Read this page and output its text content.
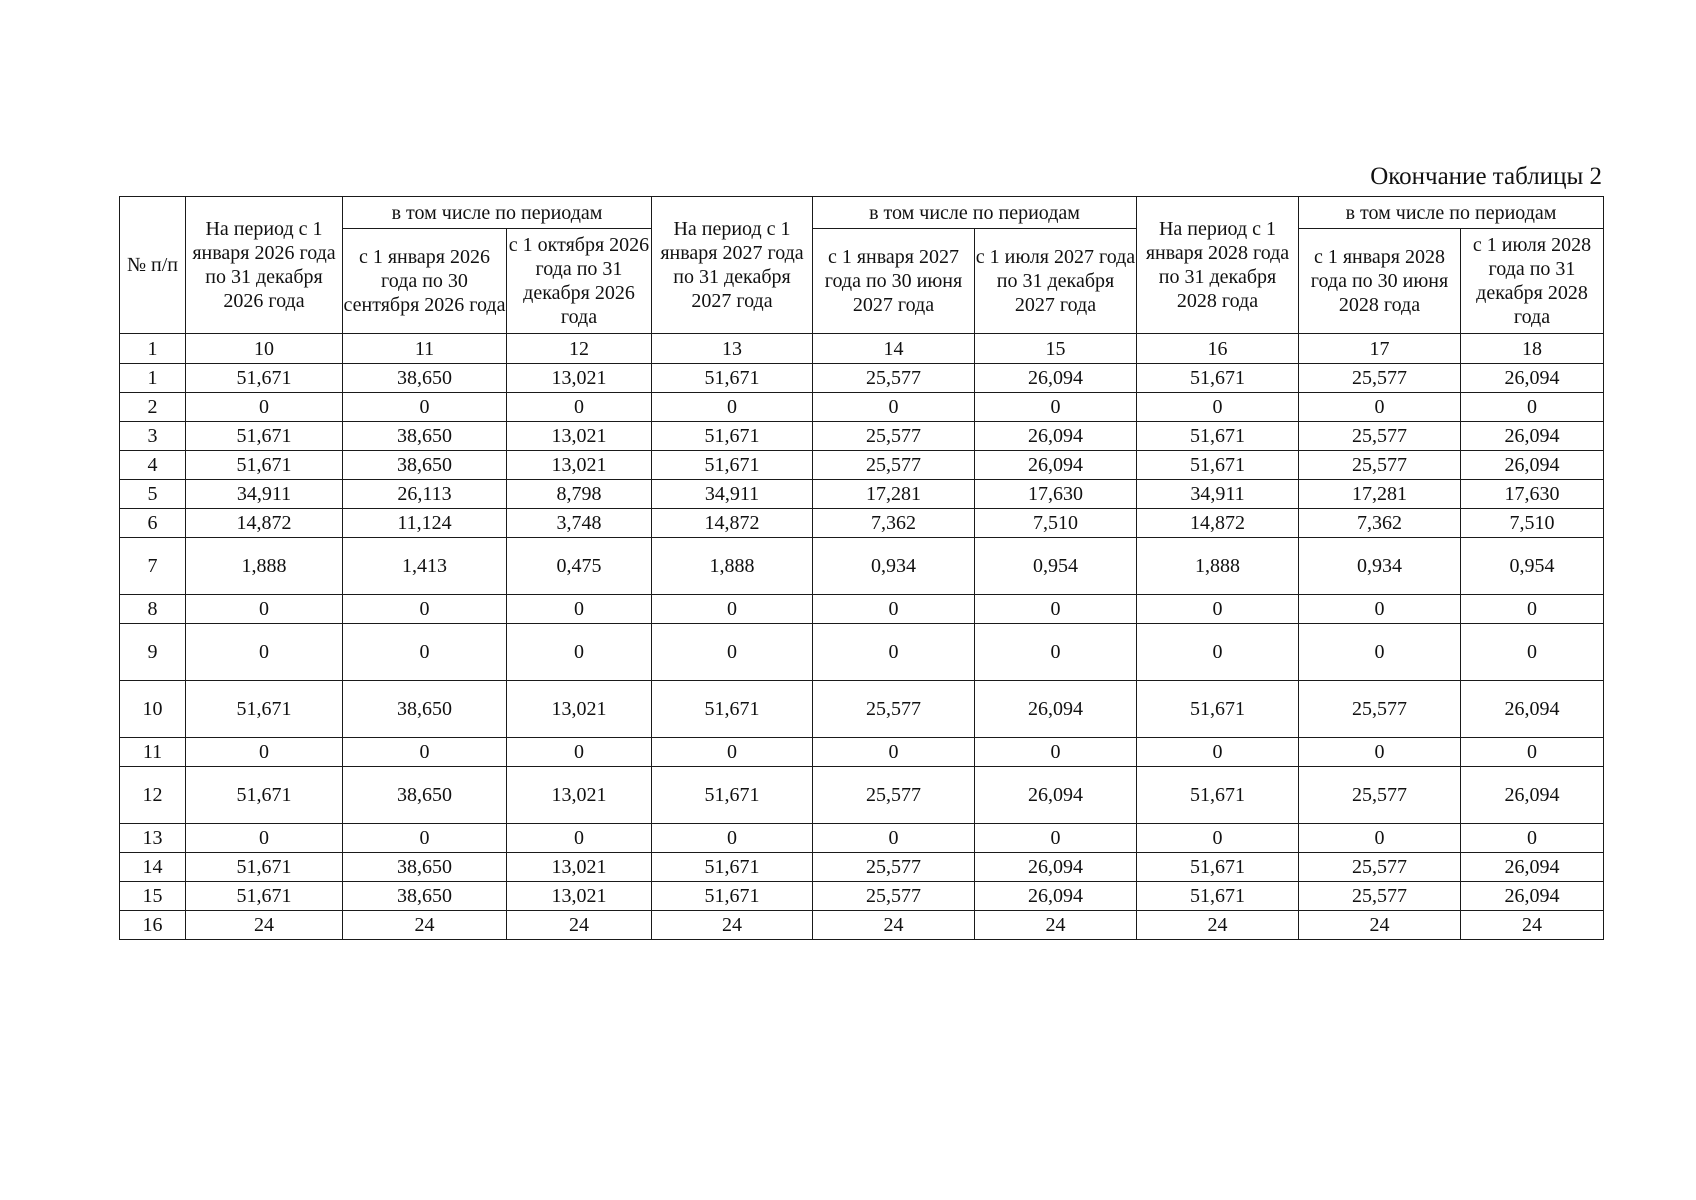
Окончание таблицы 2
№ п/п	На период с 1 января 2026 года по 31 декабря 2026 года	в том числе по периодам		На период с 1 января 2027 года по 31 декабря 2027 года	в том числе по периодам		На период с 1 января 2028 года по 31 декабря 2028 года	в том числе по периодам	
		с 1 января 2026 года по 30 сентября 2026 года	с 1 октября 2026 года по 31 декабря 2026 года		с 1 января 2027 года по 30 июня 2027 года	с 1 июля 2027 года по 31 декабря 2027 года		с 1 января 2028 года по 30 июня 2028 года	с 1 июля 2028 года по 31 декабря 2028 года
1	10	11	12	13	14	15	16	17	18
1	51,671	38,650	13,021	51,671	25,577	26,094	51,671	25,577	26,094
2	0	0	0	0	0	0	0	0	0
3	51,671	38,650	13,021	51,671	25,577	26,094	51,671	25,577	26,094
4	51,671	38,650	13,021	51,671	25,577	26,094	51,671	25,577	26,094
5	34,911	26,113	8,798	34,911	17,281	17,630	34,911	17,281	17,630
6	14,872	11,124	3,748	14,872	7,362	7,510	14,872	7,362	7,510
7	1,888	1,413	0,475	1,888	0,934	0,954	1,888	0,934	0,954
8	0	0	0	0	0	0	0	0	0
9	0	0	0	0	0	0	0	0	0
10	51,671	38,650	13,021	51,671	25,577	26,094	51,671	25,577	26,094
11	0	0	0	0	0	0	0	0	0
12	51,671	38,650	13,021	51,671	25,577	26,094	51,671	25,577	26,094
13	0	0	0	0	0	0	0	0	0
14	51,671	38,650	13,021	51,671	25,577	26,094	51,671	25,577	26,094
15	51,671	38,650	13,021	51,671	25,577	26,094	51,671	25,577	26,094
16	24	24	24	24	24	24	24	24	24
